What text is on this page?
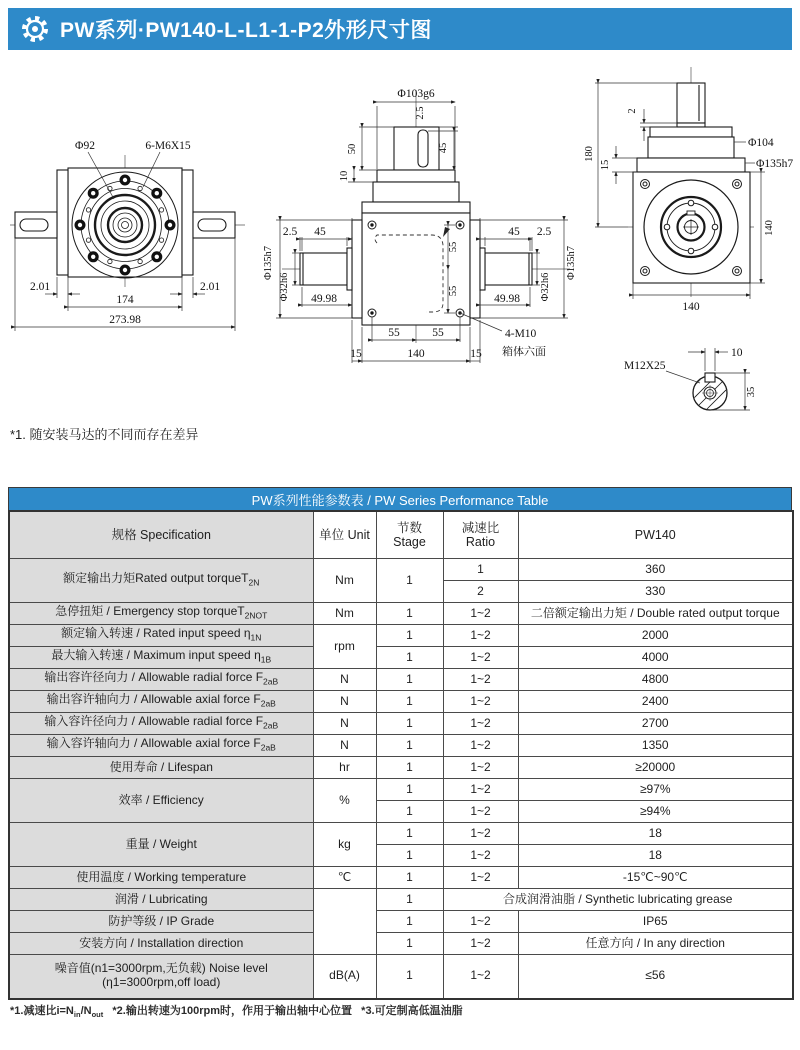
PW系列·PW140-L-L1-1-P2外形尺寸图
Φ92	6-M6X15
2.01	2.01
174
273.98
Φ103g6
50
10
2.5
45
2.5 45	45 2.5
49.98	49.98
Φ32h6	Φ32h6
Φ135h7	Φ135h7
55
55
55	55
15	140	15
4-M10
箱体六面
180
2
15
Φ104
Φ135h7
140
140
M12X25
10
35

*1. 随安装马达的不同而存在差异

PW系列性能参数表 / PW Series Performance Table
规格 Specification	单位 Unit	节数 Stage	减速比 Ratio	PW140
额定输出力矩Rated output torqueT$_{2N}$	Nm	1	1	360
			2	330
急停扭矩 / Emergency stop torqueT$_{2NOT}$	Nm	1	1~2	二倍额定输出力矩 / Double rated output torque
额定输入转速 / Rated input speed $\eta_{1N}$	rpm	1	1~2	2000
最大输入转速 / Maximum input speed $\eta_{1B}$		1	1~2	4000
输出容许径向力 / Allowable radial force $F_{2aB}$	N	1	1~2	4800
输出容许轴向力 / Allowable axial force $F_{2aB}$	N	1	1~2	2400
输入容许径向力 / Allowable radial force $F_{2aB}$	N	1	1~2	2700
输入容许轴向力 / Allowable axial force $F_{2aB}$	N	1	1~2	1350
使用寿命 / Lifespan	hr	1	1~2	≥20000
效率 / Efficiency	%	1	1~2	≥97%
		1	1~2	≥94%
重量 / Weight	kg	1	1~2	18
		1	1~2	18
使用温度 / Working temperature	℃	1	1~2	-15℃~90℃
润滑 / Lubricating		1	合成润滑油脂 / Synthetic lubricating grease	
防护等级 / IP Grade		1	1~2	IP65
安装方向 / Installation direction		1	1~2	任意方向 / In any direction

噪音值(n1=3000rpm,无负载) Noise level
(η1=3000rpm,off load)	dB(A)	1	1~2	≤56

*1.减速比$i=N_{in}/N_{out}$   *2.输出转速为100rpm时，作用于输出轴中心位置   *3.可定制高低温油脂
